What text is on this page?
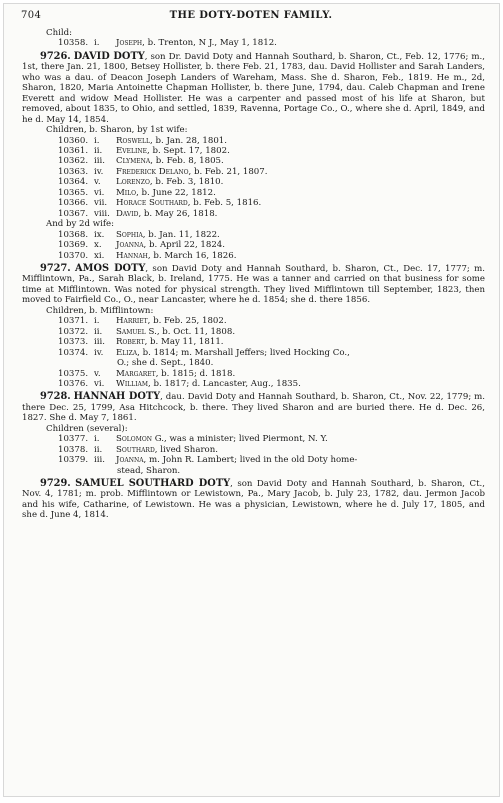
704	THE DOTY-DOTEN FAMILY.
Child:
10358. i. Joseph, b. Trenton, N J., May 1, 1812.
9726. DAVID DOTY, son Dr. David Doty and Hannah Southard, b. Sharon, Ct., Feb. 12, 1776; m., 1st, there Jan. 21, 1800, Betsey Hollister, b. there Feb. 21, 1783, dau. David Hollister and Sarah Landers, who was a dau. of Deacon Joseph Landers of Wareham, Mass. She d. Sharon, Feb., 1819. He m., 2d, Sharon, 1820, Maria Antoinette Chapman Hollister, b. there June, 1794, dau. Caleb Chapman and Irene Everett and widow Mead Hollister. He was a carpenter and passed most of his life at Sharon, but removed, about 1835, to Ohio, and settled, 1839, Ravenna, Portage Co., O., where she d. April, 1849, and he d. May 14, 1854.
Children, b. Sharon, by 1st wife:
10360. i. Roswell, b. Jan. 28, 1801.
10361. ii. Eveline, b. Sept. 17, 1802.
10362. iii. Clymena, b. Feb. 8, 1805.
10363. iv. Frederick Delano, b. Feb. 21, 1807.
10364. v. Lorenzo, b. Feb. 3, 1810.
10365. vi. Milo, b. June 22, 1812.
10366. vii. Horace Southard, b. Feb. 5, 1816.
10367. viii. David, b. May 26, 1818.
And by 2d wife:
10368. ix. Sophia, b. Jan. 11, 1822.
10369. x. Joanna, b. April 22, 1824.
10370. xi. Hannah, b. March 16, 1826.
9727. AMOS DOTY, son David Doty and Hannah Southard, b. Sharon, Ct., Dec. 17, 1777; m. Mifflintown, Pa., Sarah Black, b. Ireland, 1775. He was a tanner and carried on that business for some time at Mifflintown. Was noted for physical strength. They lived Mifflintown till September, 1823, then moved to Fairfield Co., O., near Lancaster, where he d. 1854; she d. there 1856.
Children, b. Mifflintown:
10371. i. Harriet, b. Feb. 25, 1802.
10372. ii. Samuel S., b. Oct. 11, 1808.
10373. iii. Robert, b. May 11, 1811.
10374. iv. Eliza, b. 1814; m. Marshall Jeffers; lived Hocking Co.,
O.; she d. Sept., 1840.
10375. v. Margaret, b. 1815; d. 1818.
10376. vi. William, b. 1817; d. Lancaster, Aug., 1835.
9728. HANNAH DOTY, dau. David Doty and Hannah Southard, b. Sharon, Ct., Nov. 22, 1779; m. there Dec. 25, 1799, Asa Hitchcock, b. there. They lived Sharon and are buried there. He d. Dec. 26, 1827. She d. May 7, 1861.
Children (several):
10377. i. Solomon G., was a minister; lived Piermont, N. Y.
10378. ii. Southard, lived Sharon.
10379. iii. Joanna, m. John R. Lambert; lived in the old Doty home-
stead, Sharon.
9729. SAMUEL SOUTHARD DOTY, son David Doty and Hannah Southard, b. Sharon, Ct., Nov. 4, 1781; m. prob. Mifflintown or Lewistown, Pa., Mary Jacob, b. July 23, 1782, dau. Jermon Jacob and his wife, Catharine, of Lewistown. He was a physician, Lewistown, where he d. July 17, 1805, and she d. June 4, 1814.
